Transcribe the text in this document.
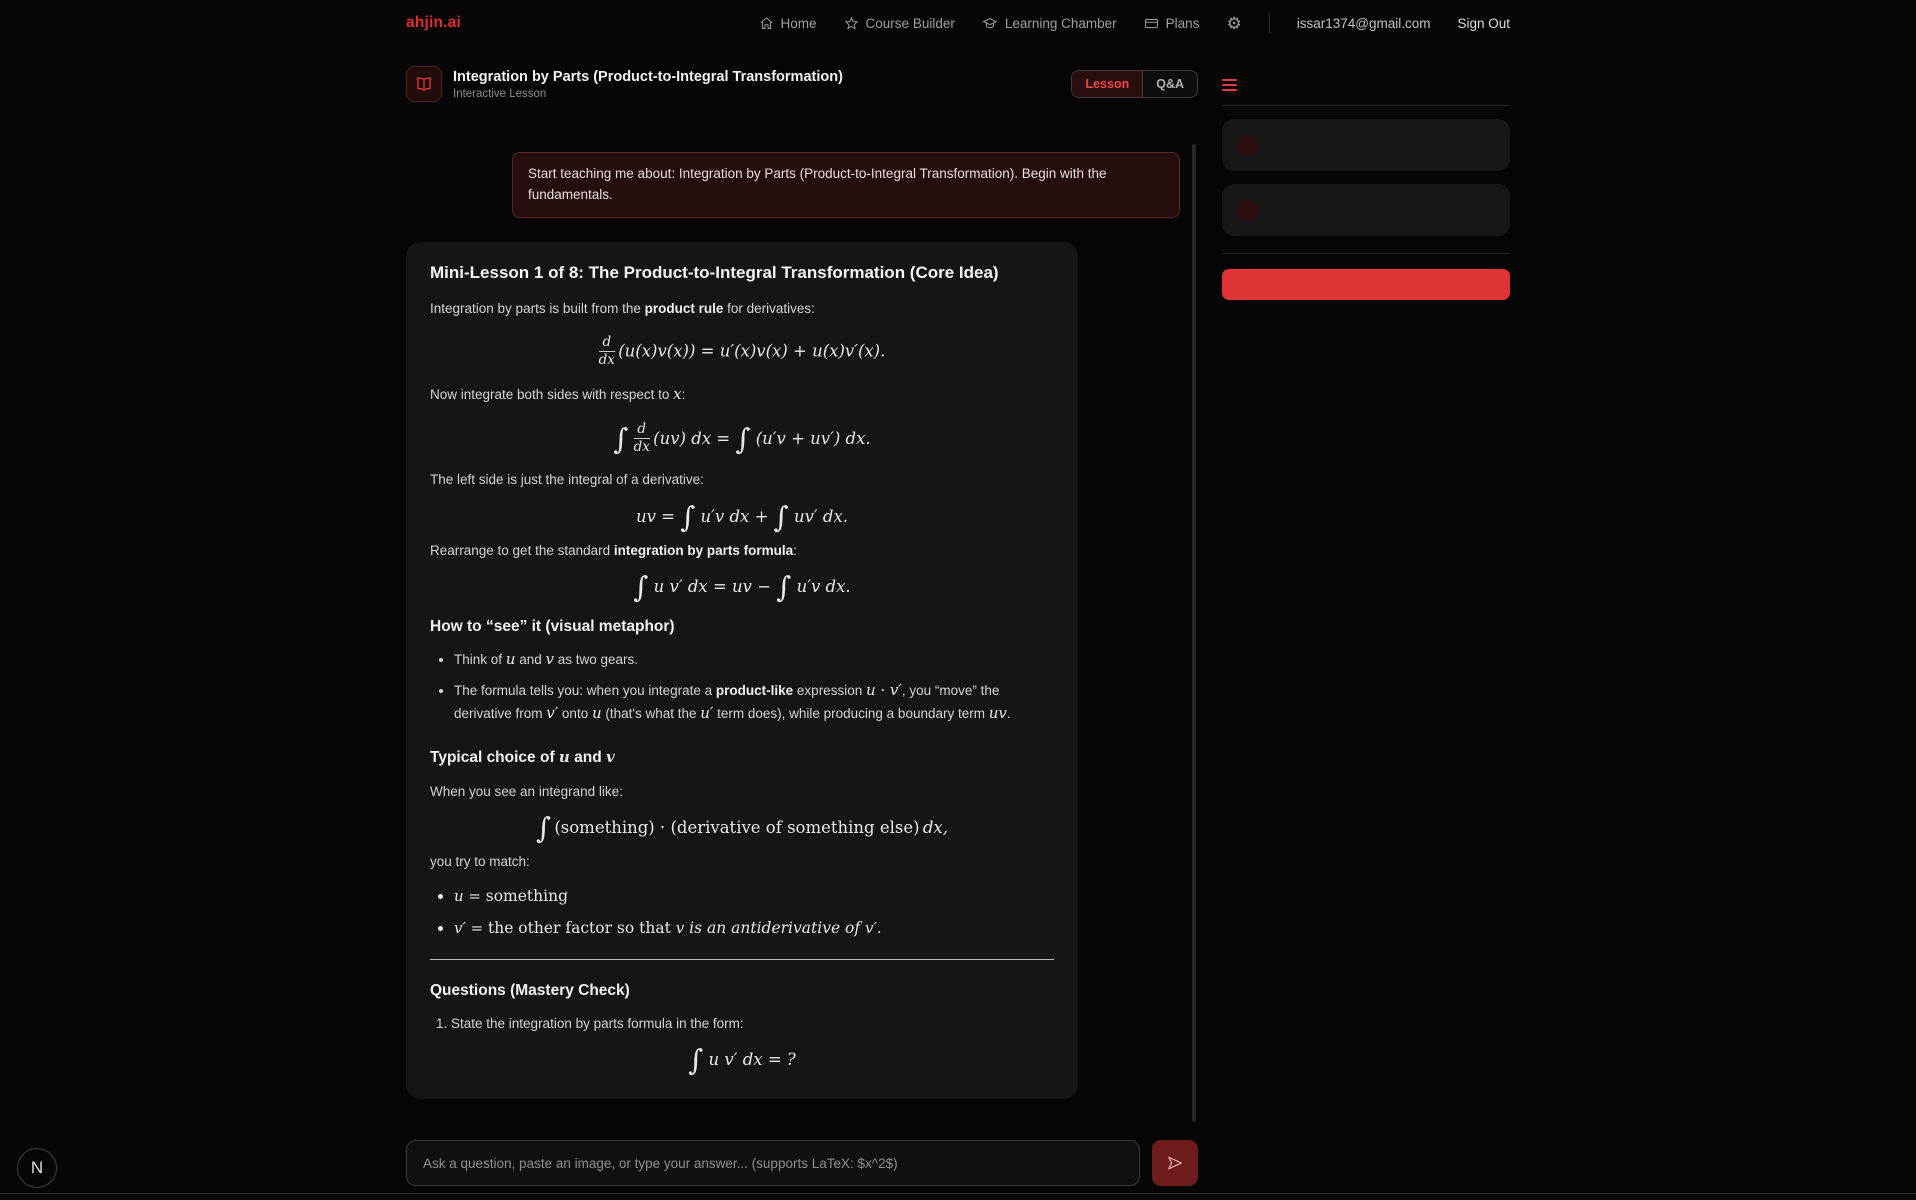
ahjin.ai	Home	Course Builder	Learning Chamber	Plans ⚙	issar1374@gmail.com Sign Out
Integration by Parts (Product-to-Integral Transformation)
Interactive Lesson
Lesson	Q&A
Start teaching me about: Integration by Parts (Product-to-Integral Transformation). Begin with the fundamentals.
Mini-Lesson 1 of 8: The Product-to-Integral Transformation (Core Idea)

Integration by parts is built from the product rule for derivatives:

$\frac{d}{dx} (u(x)v(x)) = u'(x)v(x) + u(x)v'(x)$.

Now integrate both sides with respect to x:

∫ $\frac{d}{dx} (uv)$ dx = ∫ (u′v + uv′) dx.

The left side is just the integral of a derivative:

uv = ∫ u′v dx + ∫ uv′ dx.

Rearrange to get the standard integration by parts formula:

∫ u v′ dx = uv − ∫ u′v dx.
How to “see” it (visual metaphor)
• Think of u and v as two gears.
• The formula tells you: when you integrate a product-like expression u · v′, you “move” the derivative from v′ onto u (that's what the u′ term does), while producing a boundary term uv.
Typical choice of u and v

When you see an integrand like:

∫  (something) · (derivative of something else) dx,

you try to match:

• u = something
• v′ = the other factor so that v is an antiderivative of v′.
Questions (Mastery Check)
1. State the integration by parts formula in the form:
∫ u v′ dx = ?
Ask a question, paste an image, or type your answer... (supports LaTeX: $x^2$)
N
